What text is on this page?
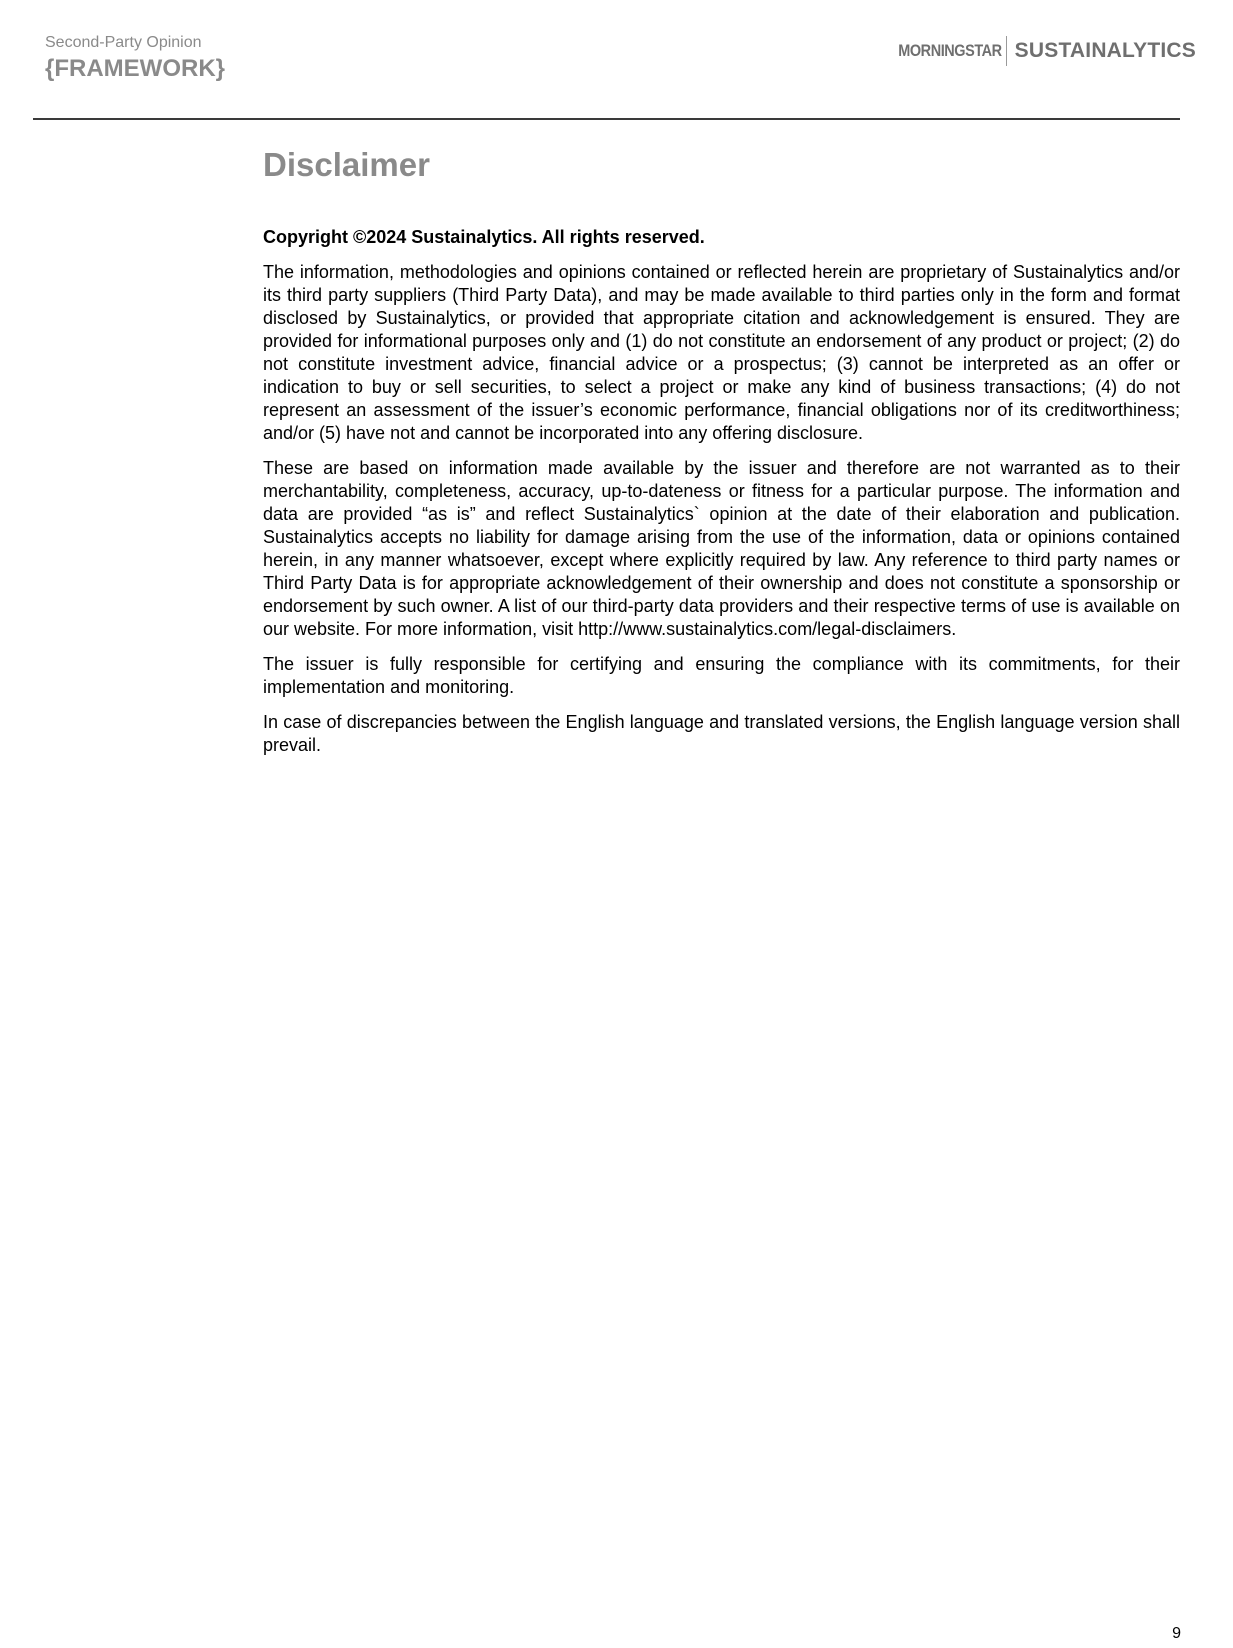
Second-Party Opinion
{FRAMEWORK}
MORNINGSTAR SUSTAINALYTICS
Disclaimer

Copyright ©2024 Sustainalytics. All rights reserved.

The information, methodologies and opinions contained or reflected herein are proprietary of Sustainalytics and/or its third party suppliers (Third Party Data), and may be made available to third parties only in the form and format disclosed by Sustainalytics, or provided that appropriate citation and acknowledgement is ensured. They are provided for informational purposes only and (1) do not constitute an endorsement of any product or project; (2) do not constitute investment advice, financial advice or a prospectus; (3) cannot be interpreted as an offer or indication to buy or sell securities, to select a project or make any kind of business transactions; (4) do not represent an assessment of the issuer’s economic performance, financial obligations nor of its creditworthiness; and/or (5) have not and cannot be incorporated into any offering disclosure.

These are based on information made available by the issuer and therefore are not warranted as to their merchantability, completeness, accuracy, up-to-dateness or fitness for a particular purpose. The information and data are provided “as is” and reflect Sustainalytics` opinion at the date of their elaboration and publication. Sustainalytics accepts no liability for damage arising from the use of the information, data or opinions contained herein, in any manner whatsoever, except where explicitly required by law. Any reference to third party names or Third Party Data is for appropriate acknowledgement of their ownership and does not constitute a sponsorship or endorsement by such owner. A list of our third-party data providers and their respective terms of use is available on our website. For more information, visit http://www.sustainalytics.com/legal-disclaimers.

The issuer is fully responsible for certifying and ensuring the compliance with its commitments, for their implementation and monitoring.

In case of discrepancies between the English language and translated versions, the English language version shall prevail.

9
